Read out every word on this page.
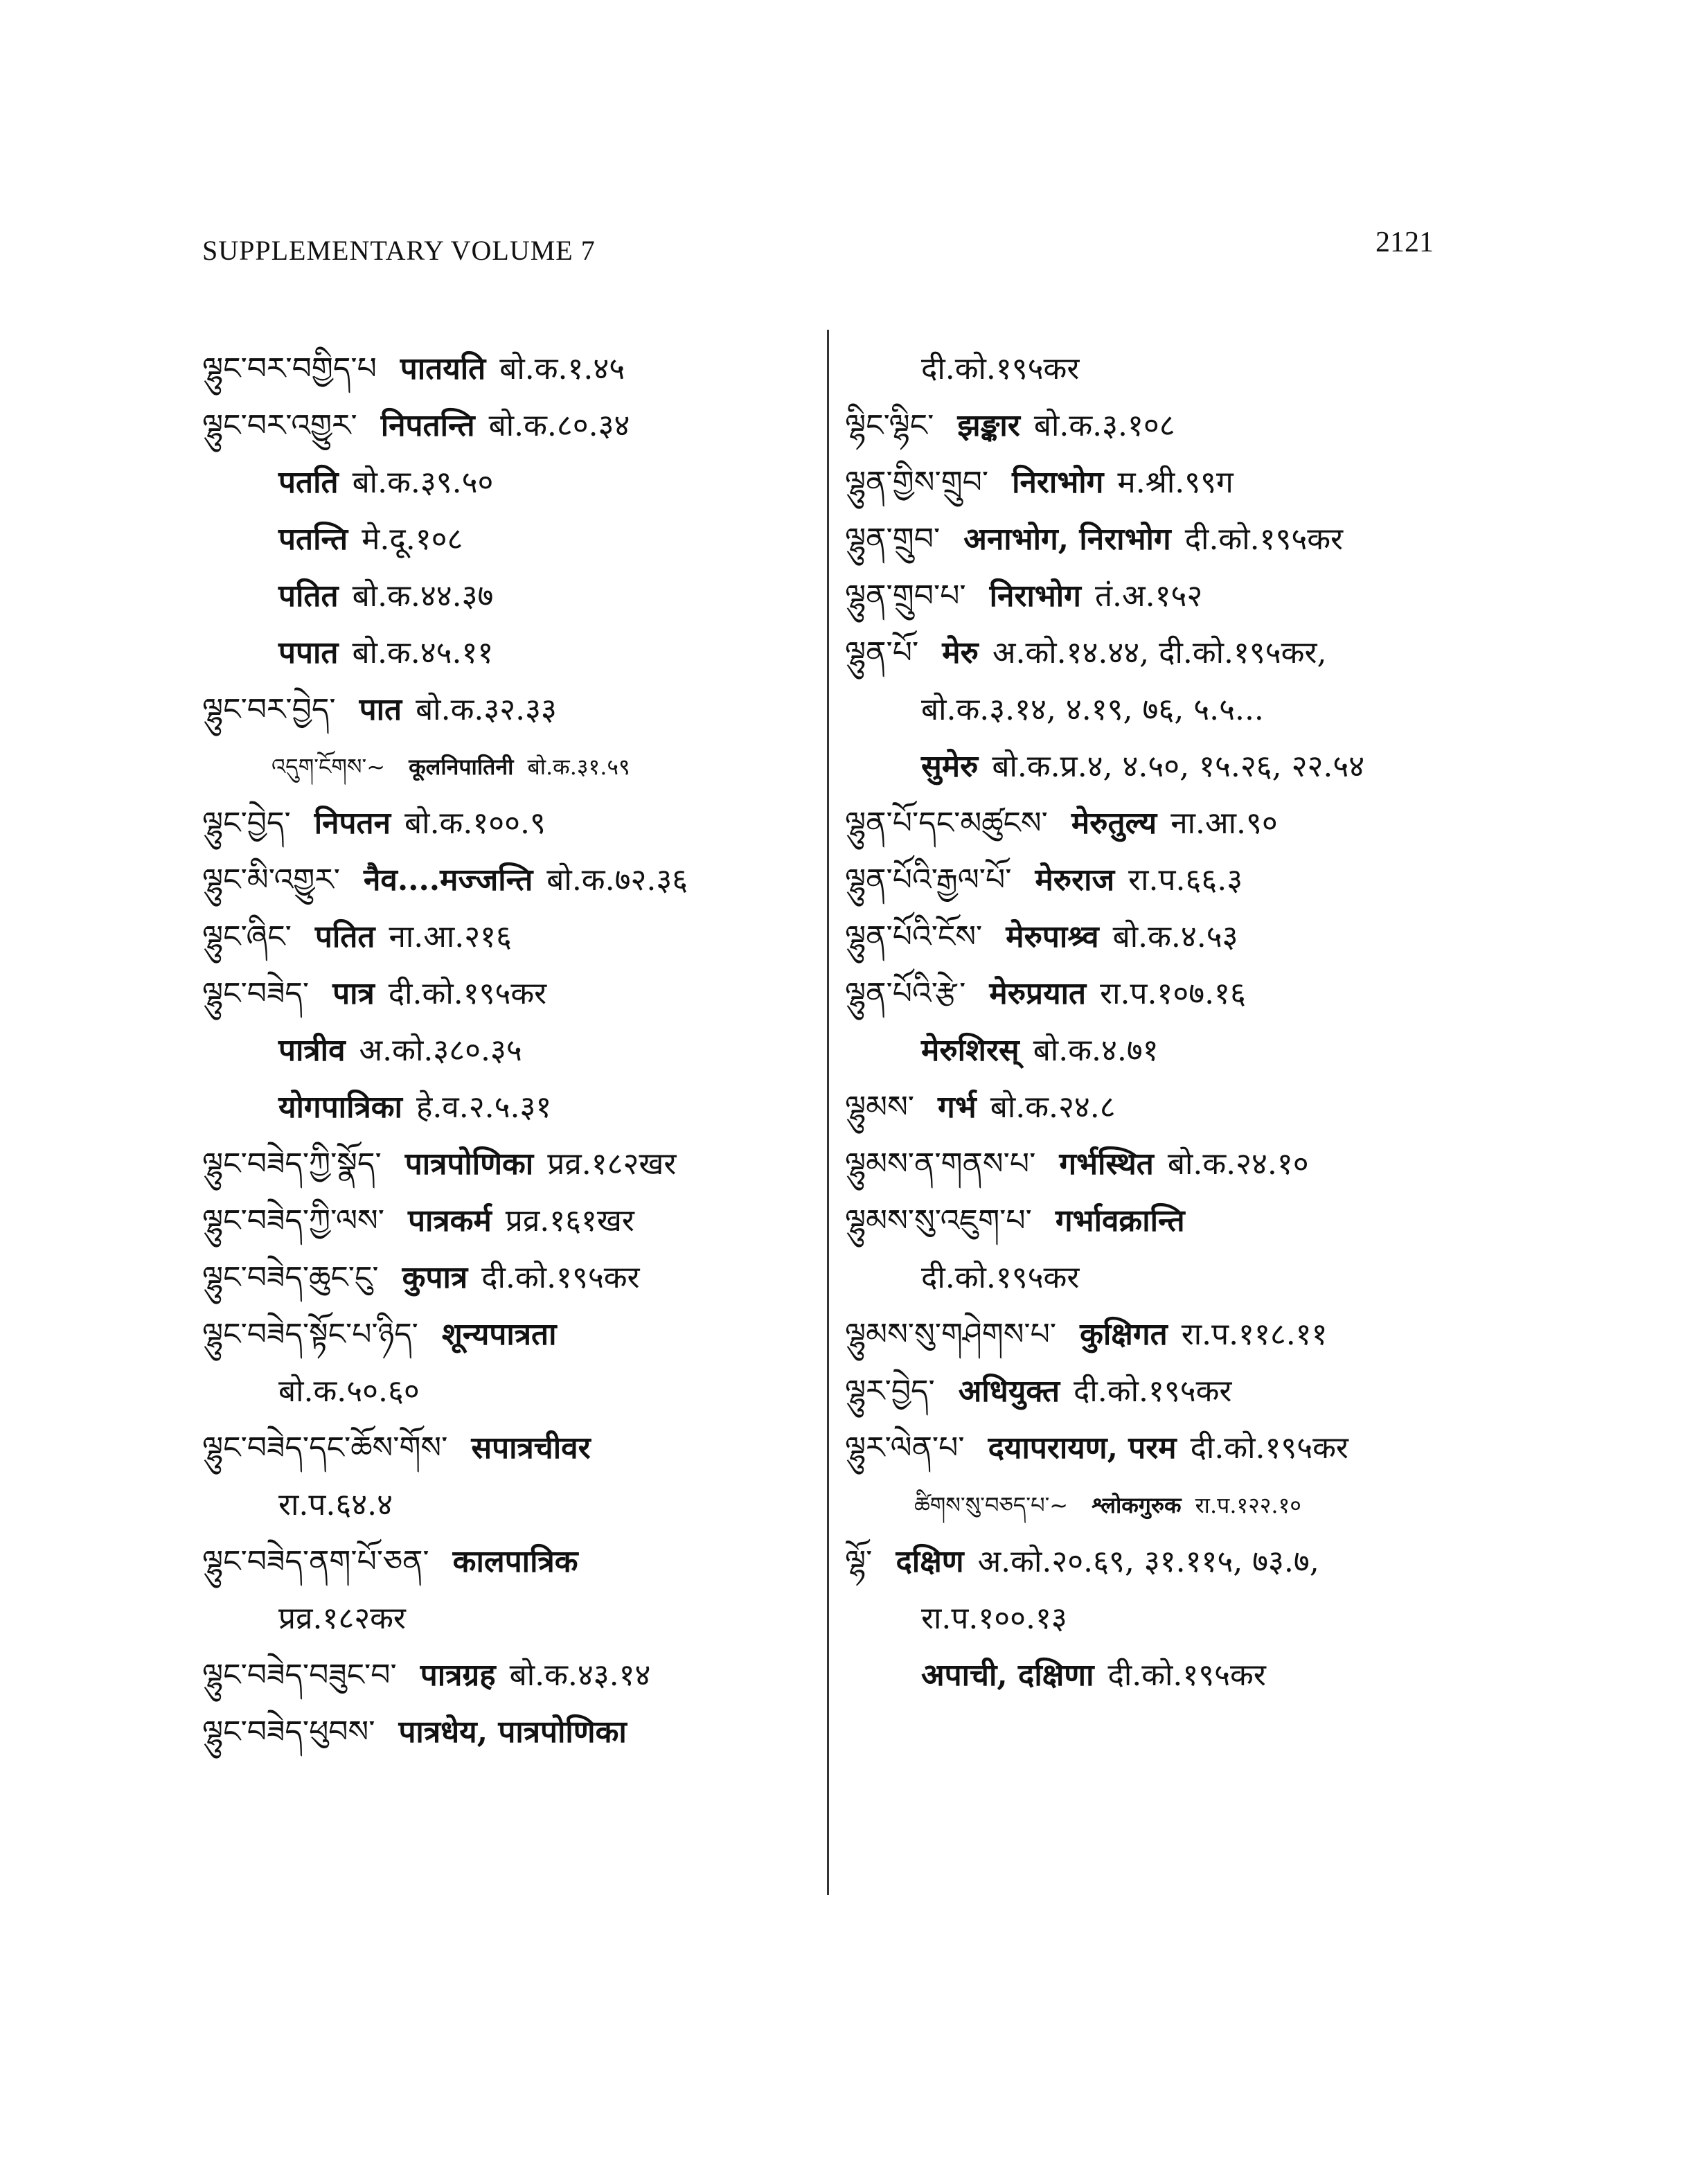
SUPPLEMENTARY VOLUME 7	2121
ལྷུང་བར་བགྱིད་པ पातयति बो.क.१.४५
ལྷུང་བར་འགྱུར་ निपतन्ति बो.क.८०.३४
पतति बो.क.३९.५०
पतन्ति मे.दू.१०८
पतित बो.क.४४.३७
पपात बो.क.४५.११
ལྷུང་བར་བྱེད་ पात बो.क.३२.३३
འདུག་ངོགས་~ कूलनिपातिनी बो.क.३१.५९
ལྷུང་བྱེད་ निपतन बो.क.१००.९
ལྷུང་མི་འགྱུར་ नैव....मज्जन्ति बो.क.७२.३६
ལྷུང་ཞིང་ पतित ना.आ.२१६
ལྷུང་བཟེད་ पात्र दी.को.१९५कर
पात्रीव अ.को.३८०.३५
योगपात्रिका हे.व.२.५.३१
ལྷུང་བཟེད་ཀྱི་སྣོད་ पात्रपोणिका प्रव्र.१८२खर
ལྷུང་བཟེད་ཀྱི་ལས་ पात्रकर्म प्रव्र.१६१खर
ལྷུང་བཟེད་ཆུང་ངུ་ कुपात्र दी.को.१९५कर
ལྷུང་བཟེད་སྟོང་པ་ཉིད་ शून्यपात्रता
बो.क.५०.६०
ལྷུང་བཟེད་དང་ཆོས་གོས་ सपात्रचीवर
रा.प.६४.४
ལྷུང་བཟེད་ནག་པོ་ཅན་ कालपात्रिक
प्रव्र.१८२कर
ལྷུང་བཟེད་བཟུང་བ་ पात्रग्रह बो.क.४३.१४
ལྷུང་བཟེད་ཕུབས་ पात्रधेय, पात्रपोणिका
दी.को.१९५कर
ལྷིང་ལྷིང་ झङ्कार बो.क.३.१०८
ལྷུན་གྱིས་གྲུབ་ निराभोग म.श्री.९९ग
ལྷུན་གྲུབ་ अनाभोग, निराभोग दी.को.१९५कर
ལྷུན་གྲུབ་པ་ निराभोग तं.अ.१५२
ལྷུན་པོ་ मेरु अ.को.१४.४४, दी.को.१९५कर,
बो.क.३.१४, ४.१९, ७६, ५.५...
सुमेरु बो.क.प्र.४, ४.५०, १५.२६, २२.५४
ལྷུན་པོ་དང་མཚུངས་ मेरुतुल्य ना.आ.९०
ལྷུན་པོའི་རྒྱལ་པོ་ मेरुराज रा.प.६६.३
ལྷུན་པོའི་ངོས་ मेरुपाश्र्व बो.क.४.५३
ལྷུན་པོའི་རྩེ་ मेरुप्रयात रा.प.१०७.१६
मेरुशिरस् बो.क.४.७१
ལྷུམས་ गर्भ बो.क.२४.८
ལྷུམས་ན་གནས་པ་ गर्भस्थित बो.क.२४.१०
ལྷུམས་སུ་འཇུག་པ་ गर्भावक्रान्ति
दी.को.१९५कर
ལྷུམས་སུ་གཤེགས་པ་ कुक्षिगत रा.प.११८.११
ལྷུར་བྱེད་ अधियुक्त दी.को.१९५कर
ལྷུར་ལེན་པ་ दयापरायण, परम दी.को.१९५कर
ཚིགས་སུ་བཅད་པ་~ श्लोकगुरुक रा.प.१२२.१०
ལྷོ་ दक्षिण अ.को.२०.६९, ३१.११५, ७३.७,
रा.प.१००.१३
अपाची, दक्षिणा दी.को.१९५कर
